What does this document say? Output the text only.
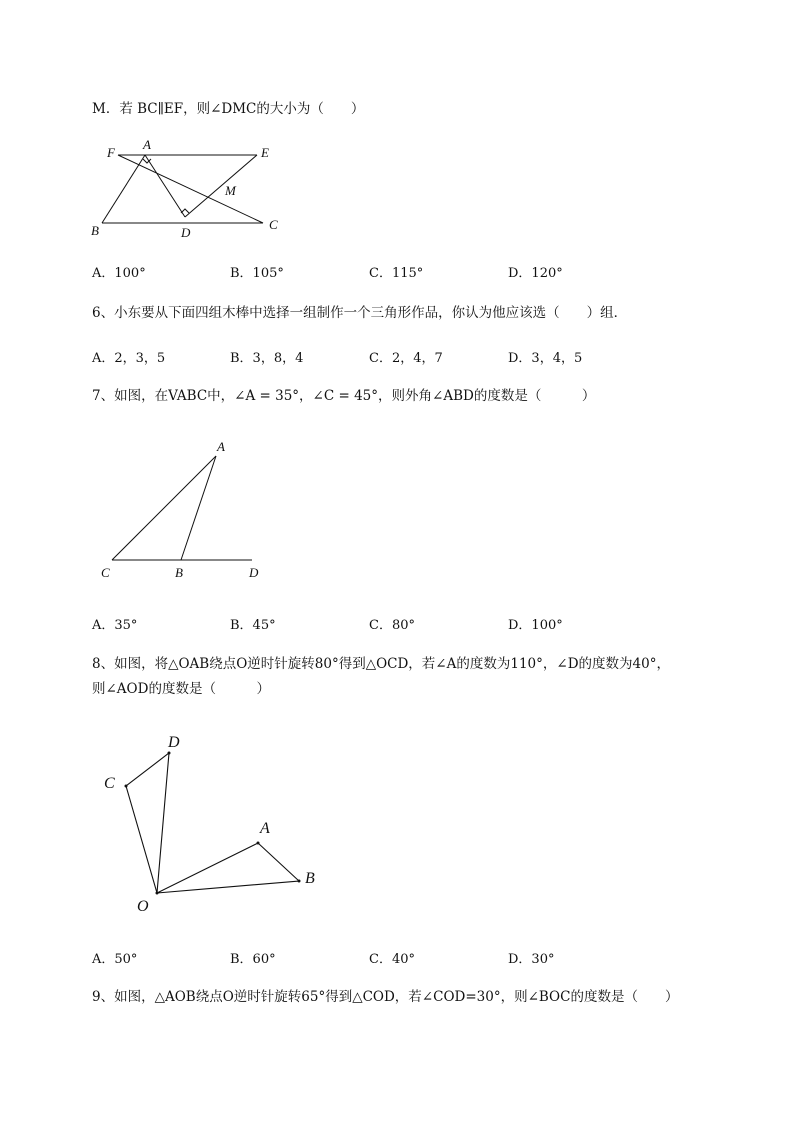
M．若 BC∥EF，则∠DMC的大小为（　　）
F
A
E
M
B	D
C
A．100°	B．105°	C．115°	D．120°
6、小东要从下面四组木棒中选择一组制作一个三角形作品，你认为他应该选（　　）组．
A．2，3，5	B．3，8，4	C．2，4，7	D．3，4，5
7、如图，在VABC中，∠A = 35°，∠C = 45°，则外角∠ABD的度数是（　　　）
A
C	B	D
A．35°	B．45°	C．80°	D．100°
8、如图，将△OAB绕点O逆时针旋转80°得到△OCD，若∠A的度数为110°，∠D的度数为40°，
则∠AOD的度数是（　　　）
D
C
A
B
O
A．50°	B．60°	C．40°	D．30°
9、如图，△AOB绕点O逆时针旋转65°得到△COD，若∠COD=30°，则∠BOC的度数是（　　）
